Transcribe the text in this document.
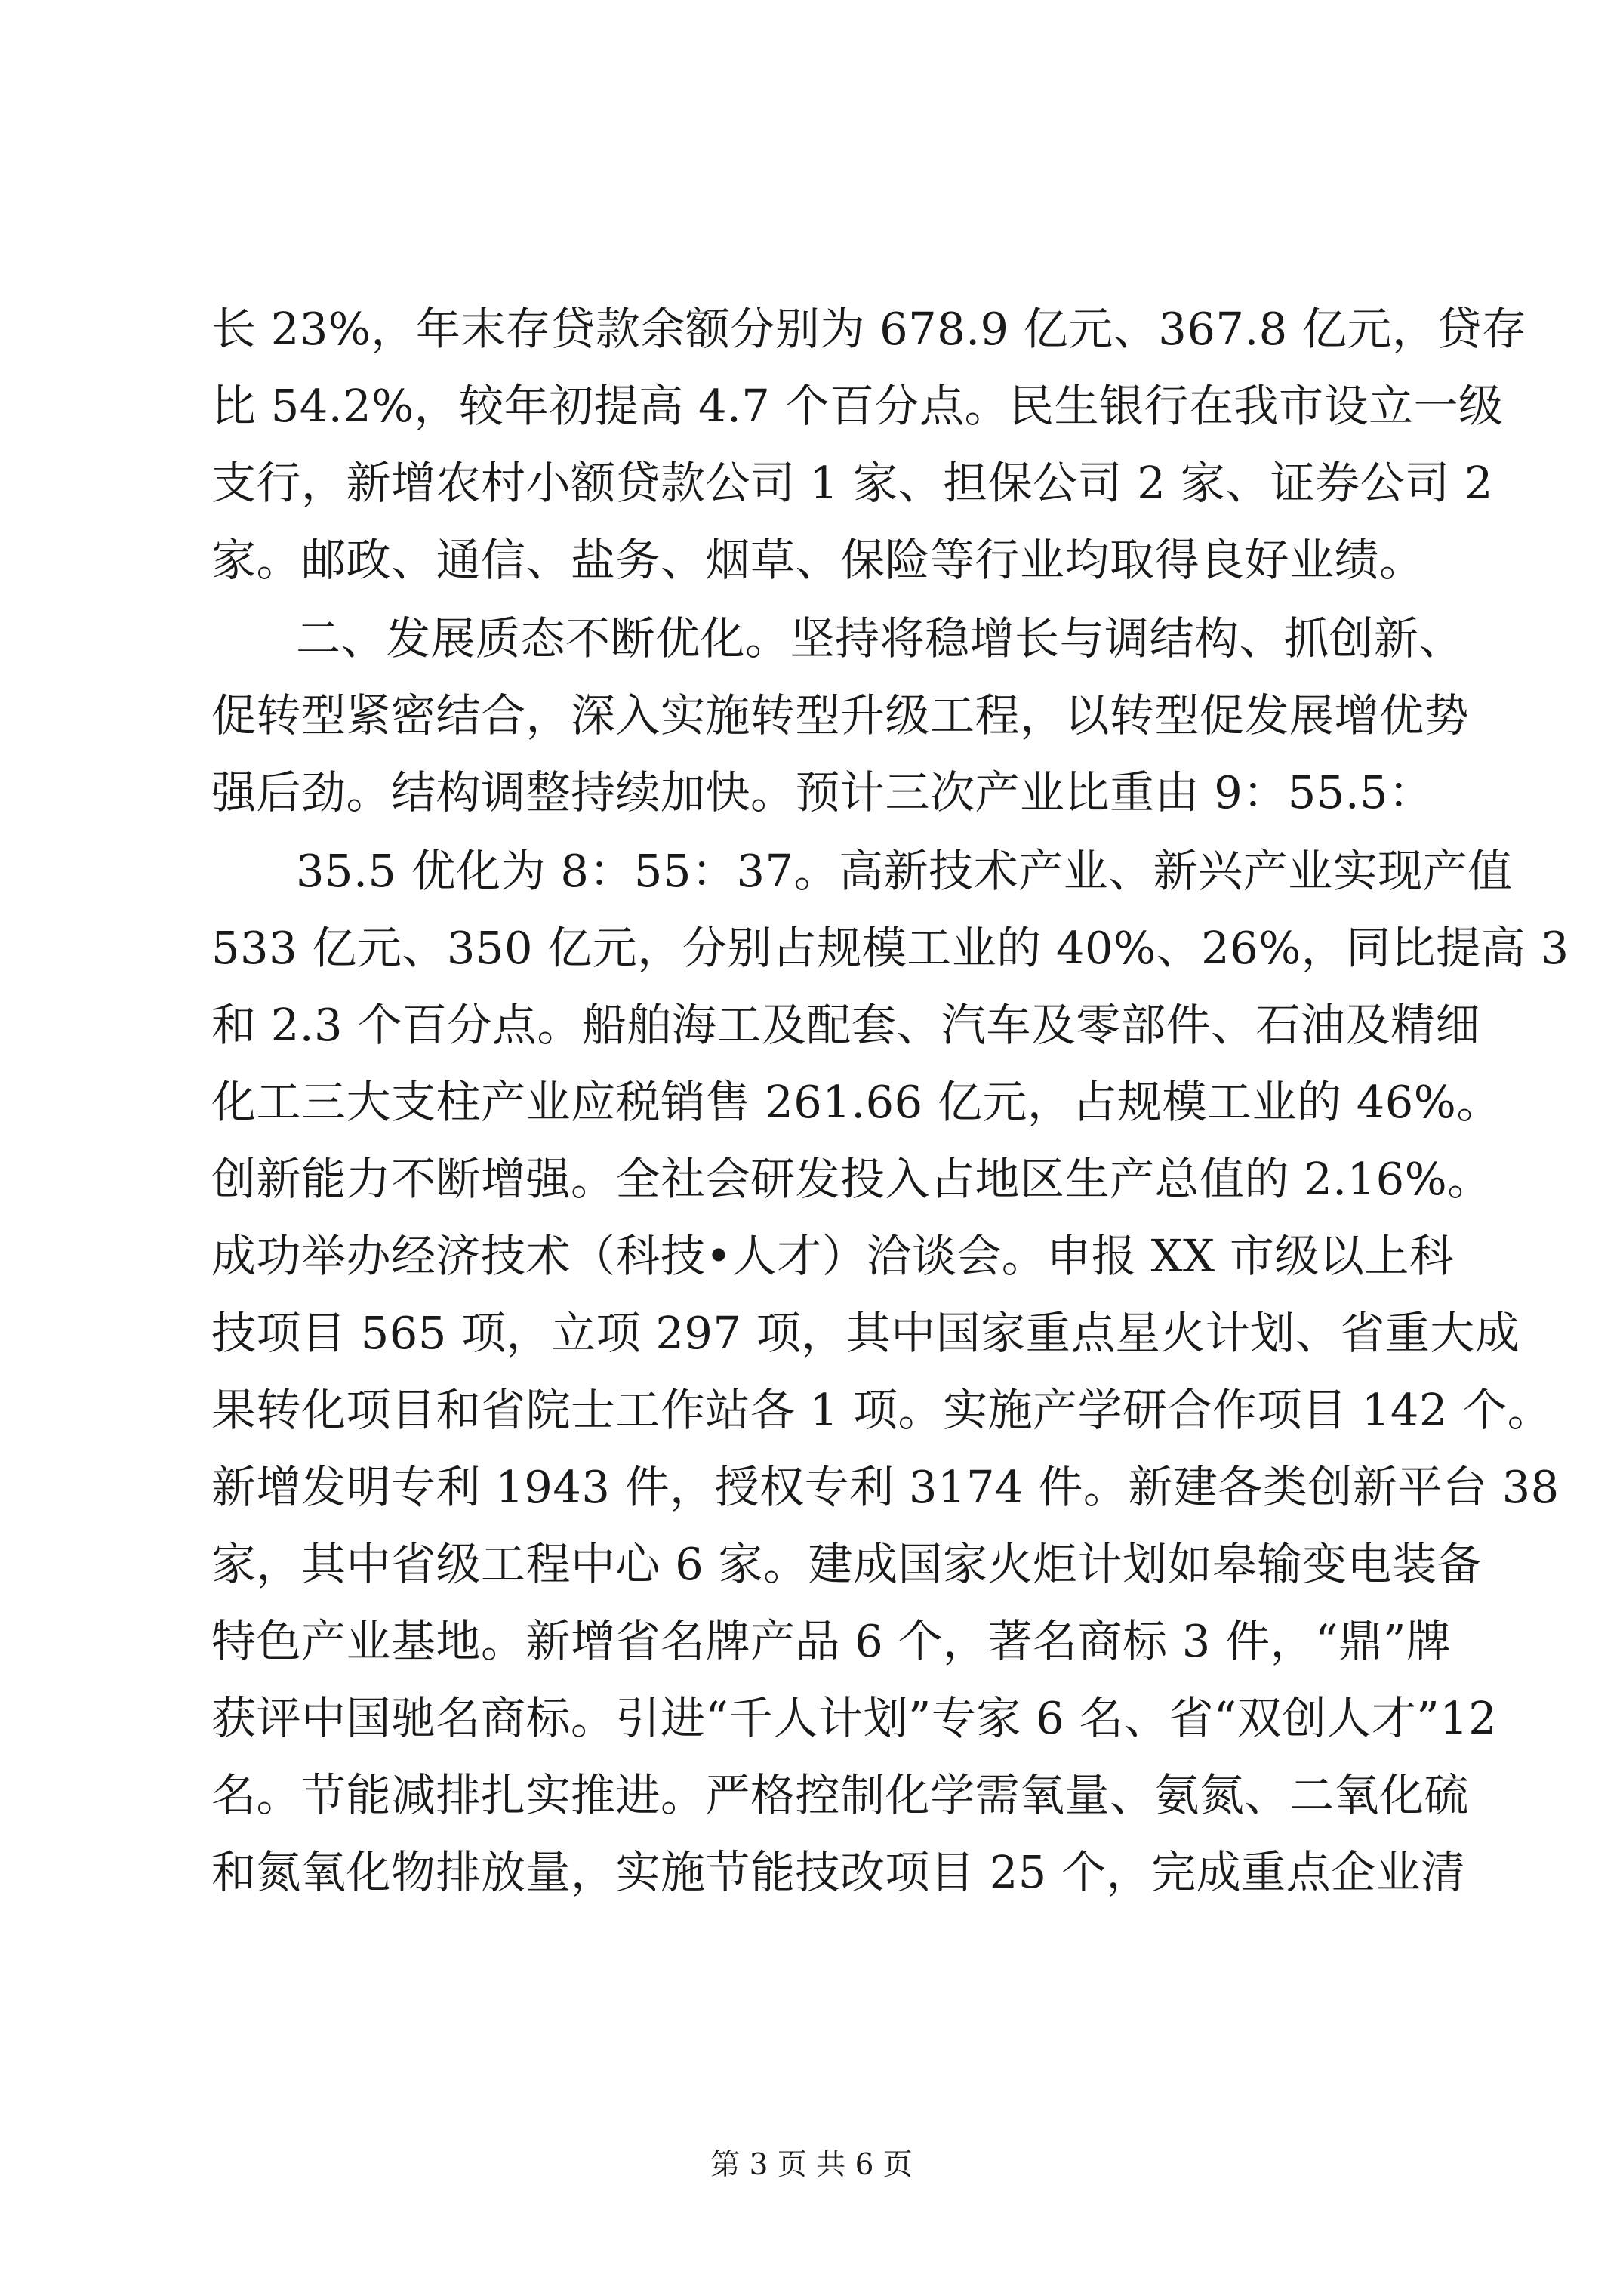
长 23%，年末存贷款余额分别为 678.9 亿元、367.8 亿元，贷存
比 54.2%，较年初提高 4.7 个百分点。民生银行在我市设立一级
支行，新增农村小额贷款公司 1 家、担保公司 2 家、证券公司 2
家。邮政、通信、盐务、烟草、保险等行业均取得良好业绩。
二、发展质态不断优化。坚持将稳增长与调结构、抓创新、
促转型紧密结合，深入实施转型升级工程，以转型促发展增优势
强后劲。结构调整持续加快。预计三次产业比重由 9：55.5：
35.5 优化为 8：55：37。高新技术产业、新兴产业实现产值
533 亿元、350 亿元，分别占规模工业的 40%、26%，同比提高 3
和 2.3 个百分点。船舶海工及配套、汽车及零部件、石油及精细
化工三大支柱产业应税销售 261.66 亿元，占规模工业的 46%。
创新能力不断增强。全社会研发投入占地区生产总值的 2.16%。
成功举办经济技术（科技•人才）洽谈会。申报 XX 市级以上科
技项目 565 项，立项 297 项，其中国家重点星火计划、省重大成
果转化项目和省院士工作站各 1 项。实施产学研合作项目 142 个。
新增发明专利 1943 件，授权专利 3174 件。新建各类创新平台 38
家，其中省级工程中心 6 家。建成国家火炬计划如皋输变电装备
特色产业基地。新增省名牌产品 6 个，著名商标 3 件，“鼎”牌
获评中国驰名商标。引进“千人计划”专家 6 名、省“双创人才”12
名。节能减排扎实推进。严格控制化学需氧量、氨氮、二氧化硫
和氮氧化物排放量，实施节能技改项目 25 个，完成重点企业清
第 3 页 共 6 页
